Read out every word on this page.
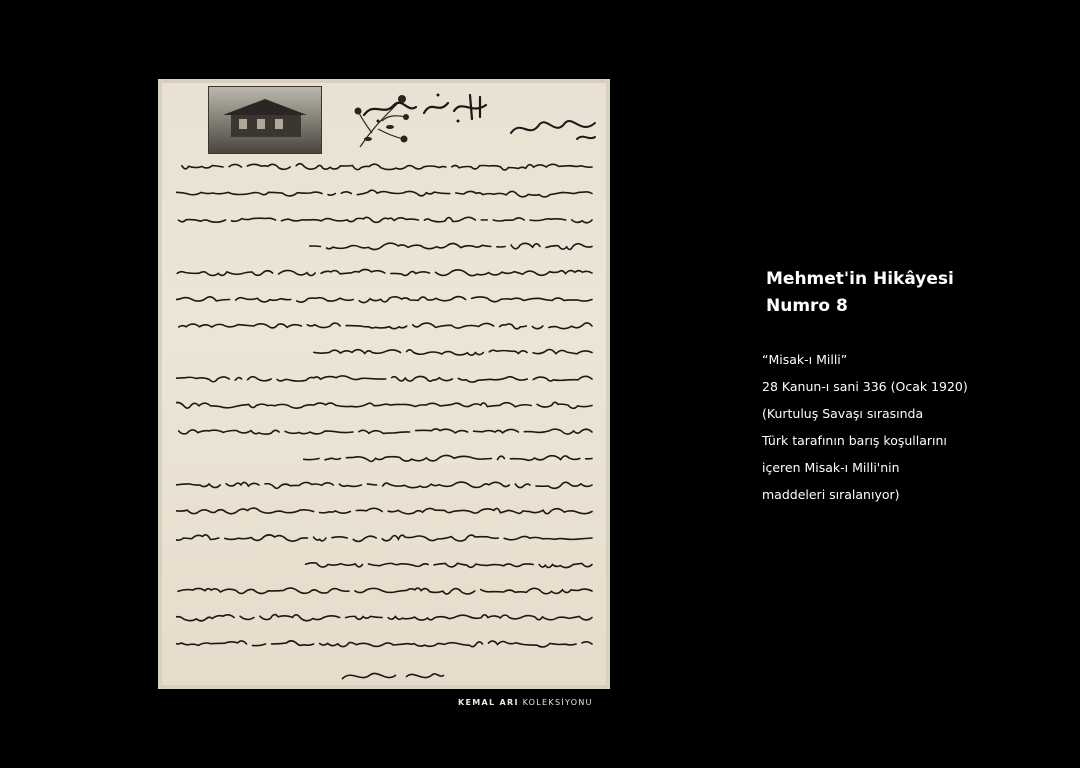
KEMAL ARI KOLEKSİYONU
Mehmet'in Hikâyesi
Numro 8
“Misak-ı Milli”
28 Kanun-ı sani 336 (Ocak 1920)
(Kurtuluş Savaşı sırasında
Türk tarafının barış koşullarını
içeren Misak-ı Milli'nin
maddeleri sıralanıyor)
